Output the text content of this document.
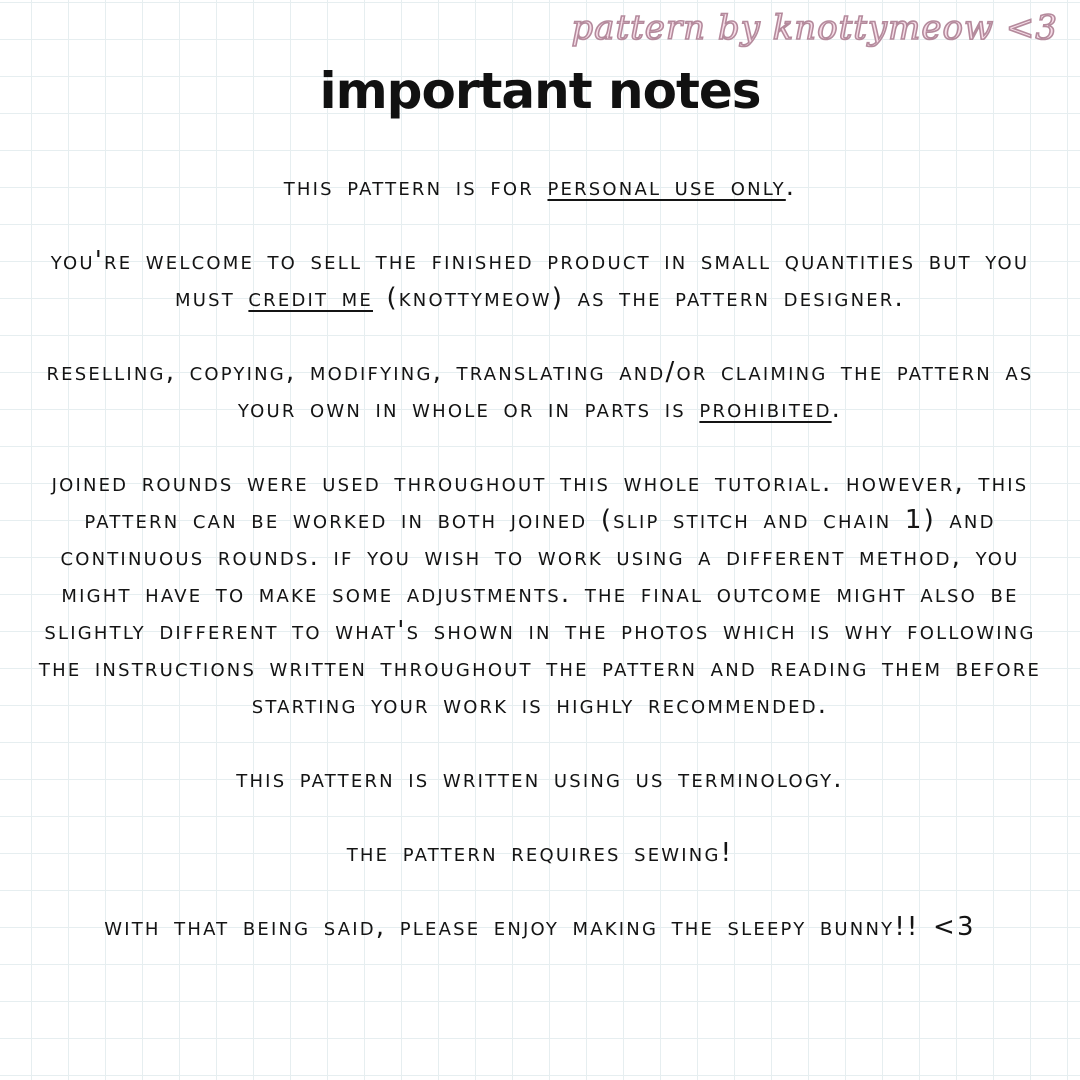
pattern by knottymeow <3
important notes

this pattern is for personal use only.

you're welcome to sell the finished product in small quantities but you must credit me (knottymeow) as the pattern designer.

reselling, copying, modifying, translating and/or claiming the pattern as your own in whole or in parts is prohibited.

joined rounds were used throughout this whole tutorial. however, this pattern can be worked in both joined (slip stitch and chain 1) and continuous rounds. if you wish to work using a different method, you might have to make some adjustments. the final outcome might also be slightly different to what's shown in the photos which is why following the instructions written throughout the pattern and reading them before starting your work is highly recommended.

this pattern is written using us terminology.

the pattern requires sewing!

with that being said, please enjoy making the sleepy bunny!! <3
